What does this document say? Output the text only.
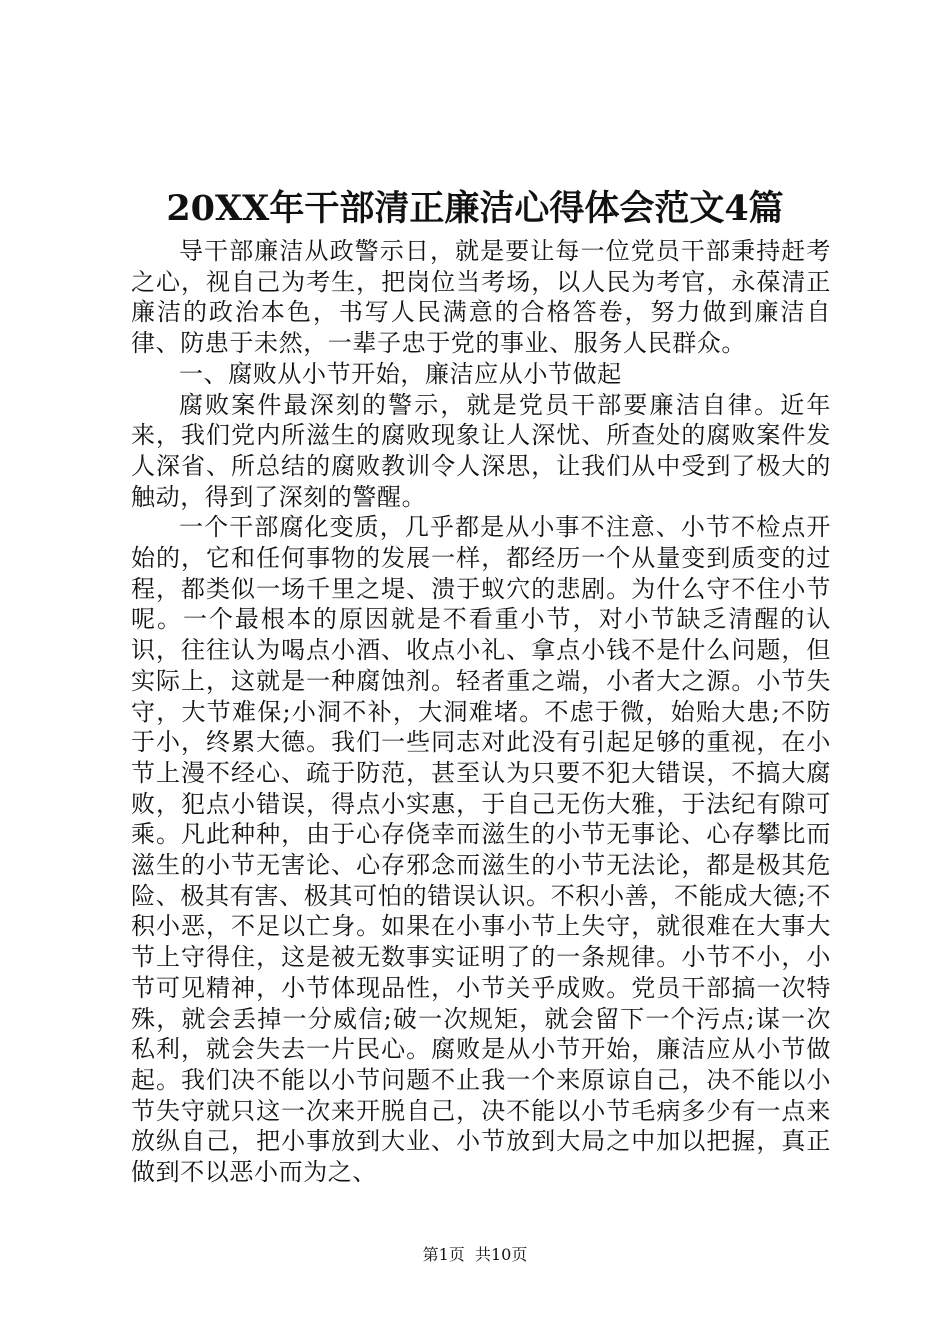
20XX年干部清正廉洁心得体会范文4篇

导干部廉洁从政警示日，就是要让每一位党员干部秉持赶考之心，视自己为考生，把岗位当考场，以人民为考官，永葆清正廉洁的政治本色，书写人民满意的合格答卷，努力做到廉洁自律、防患于未然，一辈子忠于党的事业、服务人民群众。

一、腐败从小节开始，廉洁应从小节做起

腐败案件最深刻的警示，就是党员干部要廉洁自律。近年来，我们党内所滋生的腐败现象让人深忧、所查处的腐败案件发人深省、所总结的腐败教训令人深思，让我们从中受到了极大的触动，得到了深刻的警醒。

一个干部腐化变质，几乎都是从小事不注意、小节不检点开始的，它和任何事物的发展一样，都经历一个从量变到质变的过程，都类似一场千里之堤、溃于蚁穴的悲剧。为什么守不住小节呢。一个最根本的原因就是不看重小节，对小节缺乏清醒的认识，往往认为喝点小酒、收点小礼、拿点小钱不是什么问题，但实际上，这就是一种腐蚀剂。轻者重之端，小者大之源。小节失守，大节难保;小洞不补，大洞难堵。不虑于微，始贻大患;不防于小，终累大德。我们一些同志对此没有引起足够的重视，在小节上漫不经心、疏于防范，甚至认为只要不犯大错误，不搞大腐败，犯点小错误，得点小实惠，于自己无伤大雅，于法纪有隙可乘。凡此种种，由于心存侥幸而滋生的小节无事论、心存攀比而滋生的小节无害论、心存邪念而滋生的小节无法论，都是极其危险、极其有害、极其可怕的错误认识。不积小善，不能成大德;不积小恶，不足以亡身。如果在小事小节上失守，就很难在大事大节上守得住，这是被无数事实证明了的一条规律。小节不小，小节可见精神，小节体现品性，小节关乎成败。党员干部搞一次特殊，就会丢掉一分威信;破一次规矩，就会留下一个污点;谋一次私利，就会失去一片民心。腐败是从小节开始，廉洁应从小节做起。我们决不能以小节问题不止我一个来原谅自己，决不能以小节失守就只这一次来开脱自己，决不能以小节毛病多少有一点来放纵自己，把小事放到大业、小节放到大局之中加以把握，真正做到不以恶小而为之、

第1页 共10页
